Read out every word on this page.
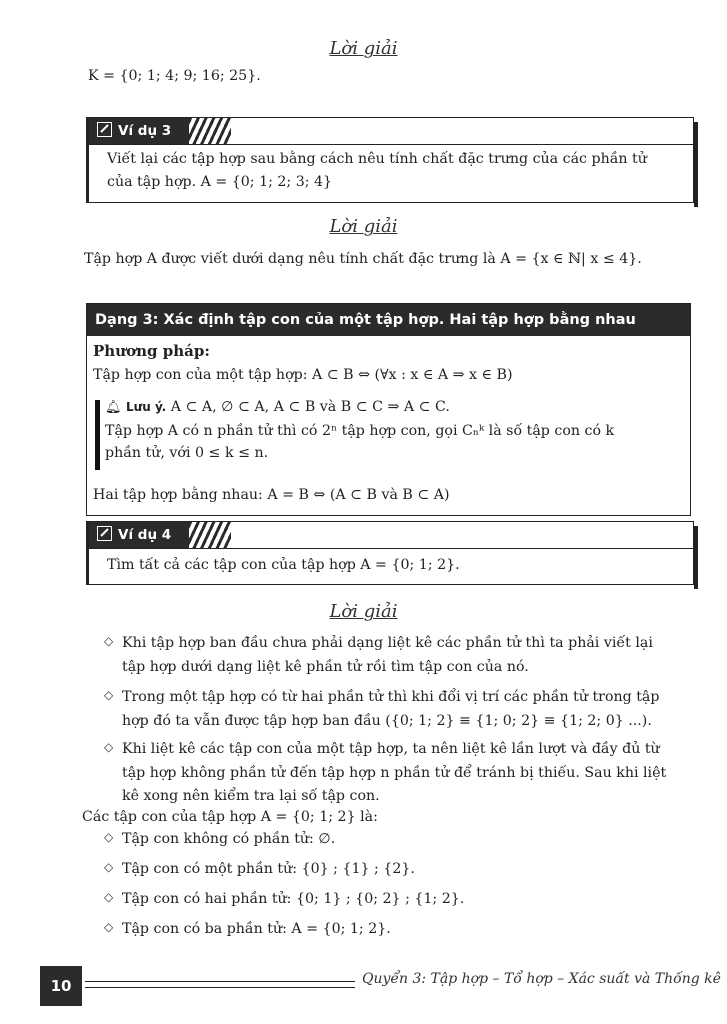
Lời giải
K = {0; 1; 4; 9; 16; 25}.
Ví dụ 3
Viết lại các tập hợp sau bằng cách nêu tính chất đặc trưng của các phần tử
của tập hợp. A = {0; 1; 2; 3; 4}
Lời giải
Tập hợp A được viết dưới dạng nêu tính chất đặc trưng là A = {x ∈ ℕ| x ≤ 4}.
Dạng 3: Xác định tập con của một tập hợp. Hai tập hợp bằng nhau
Phương pháp:
Tập hợp con của một tập hợp: A ⊂ B ⇔ (∀x : x ∈ A ⇒ x ∈ B)
🔔︎ Lưu ý. A ⊂ A, ∅ ⊂ A, A ⊂ B và B ⊂ C ⇒ A ⊂ C.
Tập hợp A có n phần tử thì có 2ⁿ tập hợp con, gọi Cₙᵏ là số tập con có k
phần tử, với 0 ≤ k ≤ n.
Hai tập hợp bằng nhau: A = B ⇔ (A ⊂ B và B ⊂ A)
Ví dụ 4
Tìm tất cả các tập con của tập hợp A = {0; 1; 2}.
Lời giải
◇ Khi tập hợp ban đầu chưa phải dạng liệt kê các phần tử thì ta phải viết lại
tập hợp dưới dạng liệt kê phần tử rồi tìm tập con của nó.
◇ Trong một tập hợp có từ hai phần tử thì khi đổi vị trí các phần tử trong tập
hợp đó ta vẫn được tập hợp ban đầu ({0; 1; 2} ≡ {1; 0; 2} ≡ {1; 2; 0} ...).
◇ Khi liệt kê các tập con của một tập hợp, ta nên liệt kê lần lượt và đầy đủ từ
tập hợp không phần tử đến tập hợp n phần tử để tránh bị thiếu. Sau khi liệt
kê xong nên kiểm tra lại số tập con.
Các tập con của tập hợp A = {0; 1; 2} là:
◇ Tập con không có phần tử: ∅.
◇ Tập con có một phần tử: {0} ; {1} ; {2}.
◇ Tập con có hai phần tử: {0; 1} ; {0; 2} ; {1; 2}.
◇ Tập con có ba phần tử: A = {0; 1; 2}.
10	Quyển 3: Tập hợp – Tổ hợp – Xác suất và Thống kê
